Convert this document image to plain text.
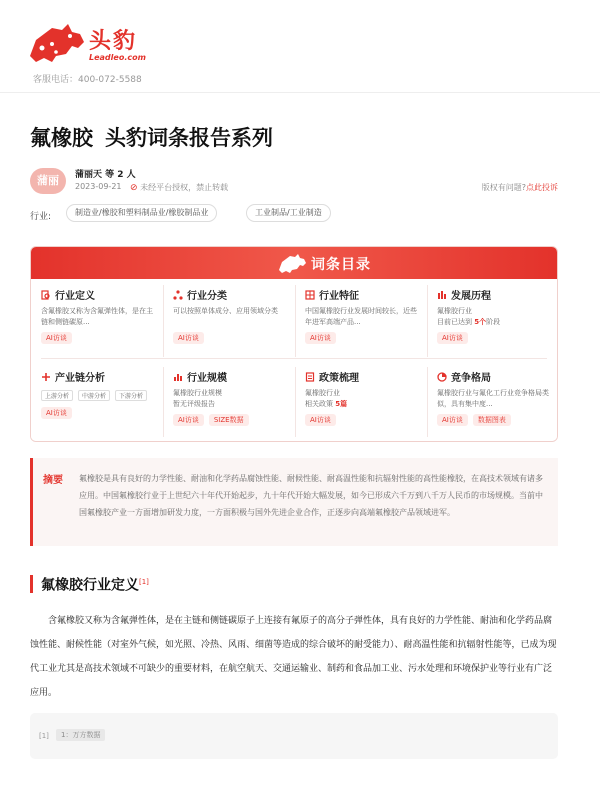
头豹
Leadleo.com
客服电话：400-072-5588
氟橡胶 头豹词条报告系列
蒲丽	蒲丽天 等 2 人
2023-09-21 ⊘ 未经平台授权，禁止转载	版权有问题?点此投诉
行业:	制造业/橡胶和塑料制品业/橡胶制品业	工业制品/工业制造
词条目录
行业定义
含氟橡胶又称为含氟弹性体，是在主链和侧链碳原...
AI访谈
行业分类
可以按照单体成分、应用领域分类
AI访谈
行业特征
中国氟橡胶行业发展时间较长，近些年进军高端产品...
AI访谈
发展历程
氟橡胶行业
目前已达到 5个阶段
AI访谈
产业链分析
上游分析	中游分析	下游分析
AI访谈
行业规模
氟橡胶行业规模
暂无评级报告
AI访谈	SIZE数据
政策梳理
氟橡胶行业
相关政策 5篇
AI访谈
竞争格局
氟橡胶行业与氟化工行业竞争格局类似，具有集中度...
AI访谈	数据图表
摘要 氟橡胶是具有良好的力学性能、耐油和化学药品腐蚀性能、耐候性能、耐高温性能和抗辐射性能的高性能橡胶，在高技术领域有诸多应用。中国氟橡胶行业于上世纪六十年代开始起步，九十年代开始大幅发展，如今已形成六千万到八千万人民币的市场规模。当前中国氟橡胶产业一方面增加研发力度，一方面积极与国外先进企业合作，正逐步向高端氟橡胶产品领域进军。
氟橡胶行业定义[1]
含氟橡胶又称为含氟弹性体，是在主链和侧链碳原子上连接有氟原子的高分子弹性体，具有良好的力学性能、耐油和化学药品腐蚀性能、耐候性能（对室外气候，如光照、冷热、风雨、细菌等造成的综合破坏的耐受能力）、耐高温性能和抗辐射性能等，已成为现代工业尤其是高技术领域不可缺少的重要材料，在航空航天、交通运输业、制药和食品加工业、污水处理和环境保护业等行业有广泛应用。
[1]	1：万方数据
